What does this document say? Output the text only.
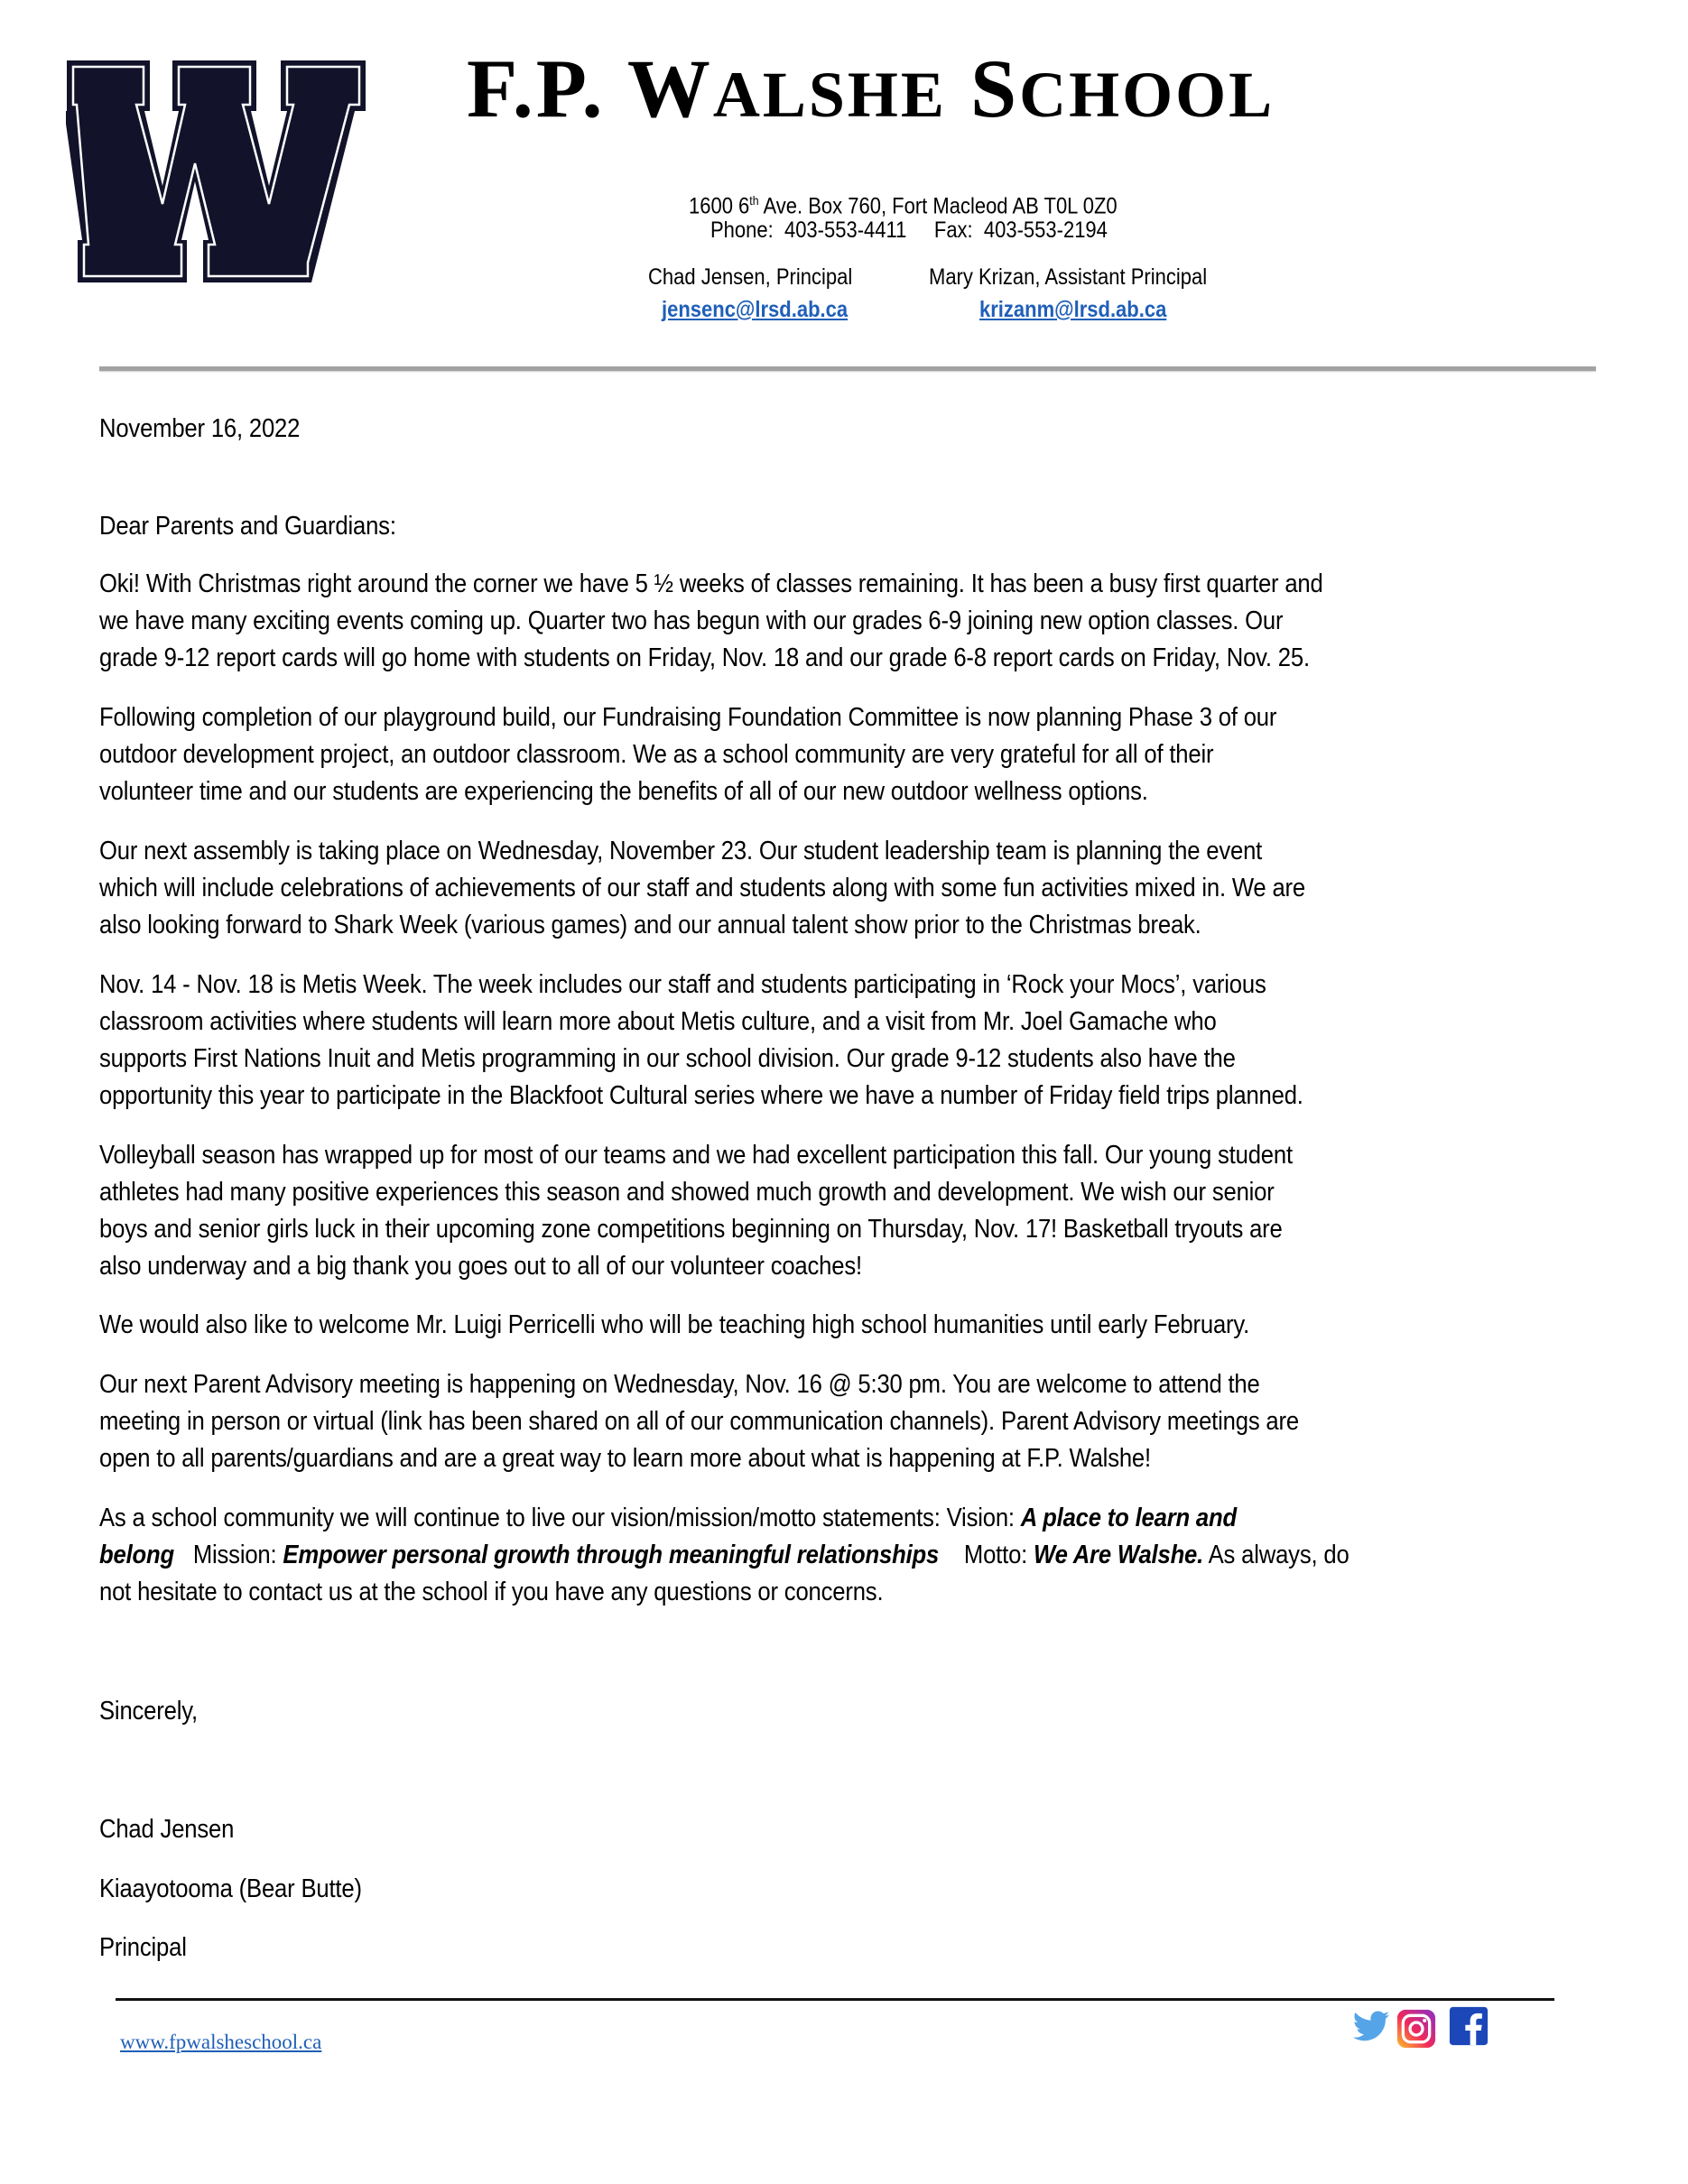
F.P. WALSHE SCHOOL
1600 6th Ave. Box 760, Fort Macleod AB T0L 0Z0
Phone:  403-553-4411     Fax:  403-553-2194
Chad Jensen, Principal	Mary Krizan, Assistant Principal
jensenc@lrsd.ab.ca	krizanm@lrsd.ab.ca
November 16, 2022
Dear Parents and Guardians:
Oki! With Christmas right around the corner we have 5 ½ weeks of classes remaining. It has been a busy first quarter and
we have many exciting events coming up. Quarter two has begun with our grades 6-9 joining new option classes. Our
grade 9-12 report cards will go home with students on Friday, Nov. 18 and our grade 6-8 report cards on Friday, Nov. 25.
Following completion of our playground build, our Fundraising Foundation Committee is now planning Phase 3 of our
outdoor development project, an outdoor classroom. We as a school community are very grateful for all of their
volunteer time and our students are experiencing the benefits of all of our new outdoor wellness options.
Our next assembly is taking place on Wednesday, November 23. Our student leadership team is planning the event
which will include celebrations of achievements of our staff and students along with some fun activities mixed in. We are
also looking forward to Shark Week (various games) and our annual talent show prior to the Christmas break.
Nov. 14 - Nov. 18 is Metis Week. The week includes our staff and students participating in ‘Rock your Mocs’, various
classroom activities where students will learn more about Metis culture, and a visit from Mr. Joel Gamache who
supports First Nations Inuit and Metis programming in our school division. Our grade 9-12 students also have the
opportunity this year to participate in the Blackfoot Cultural series where we have a number of Friday field trips planned.
Volleyball season has wrapped up for most of our teams and we had excellent participation this fall. Our young student
athletes had many positive experiences this season and showed much growth and development. We wish our senior
boys and senior girls luck in their upcoming zone competitions beginning on Thursday, Nov. 17! Basketball tryouts are
also underway and a big thank you goes out to all of our volunteer coaches!
We would also like to welcome Mr. Luigi Perricelli who will be teaching high school humanities until early February.
Our next Parent Advisory meeting is happening on Wednesday, Nov. 16 @ 5:30 pm. You are welcome to attend the
meeting in person or virtual (link has been shared on all of our communication channels). Parent Advisory meetings are
open to all parents/guardians and are a great way to learn more about what is happening at F.P. Walshe!
As a school community we will continue to live our vision/mission/motto statements: Vision: A place to learn and
belong   Mission: Empower personal growth through meaningful relationships    Motto: We Are Walshe. As always, do
not hesitate to contact us at the school if you have any questions or concerns.
Sincerely,
Chad Jensen
Kiaayotooma (Bear Butte)
Principal
www.fpwalsheschool.ca
